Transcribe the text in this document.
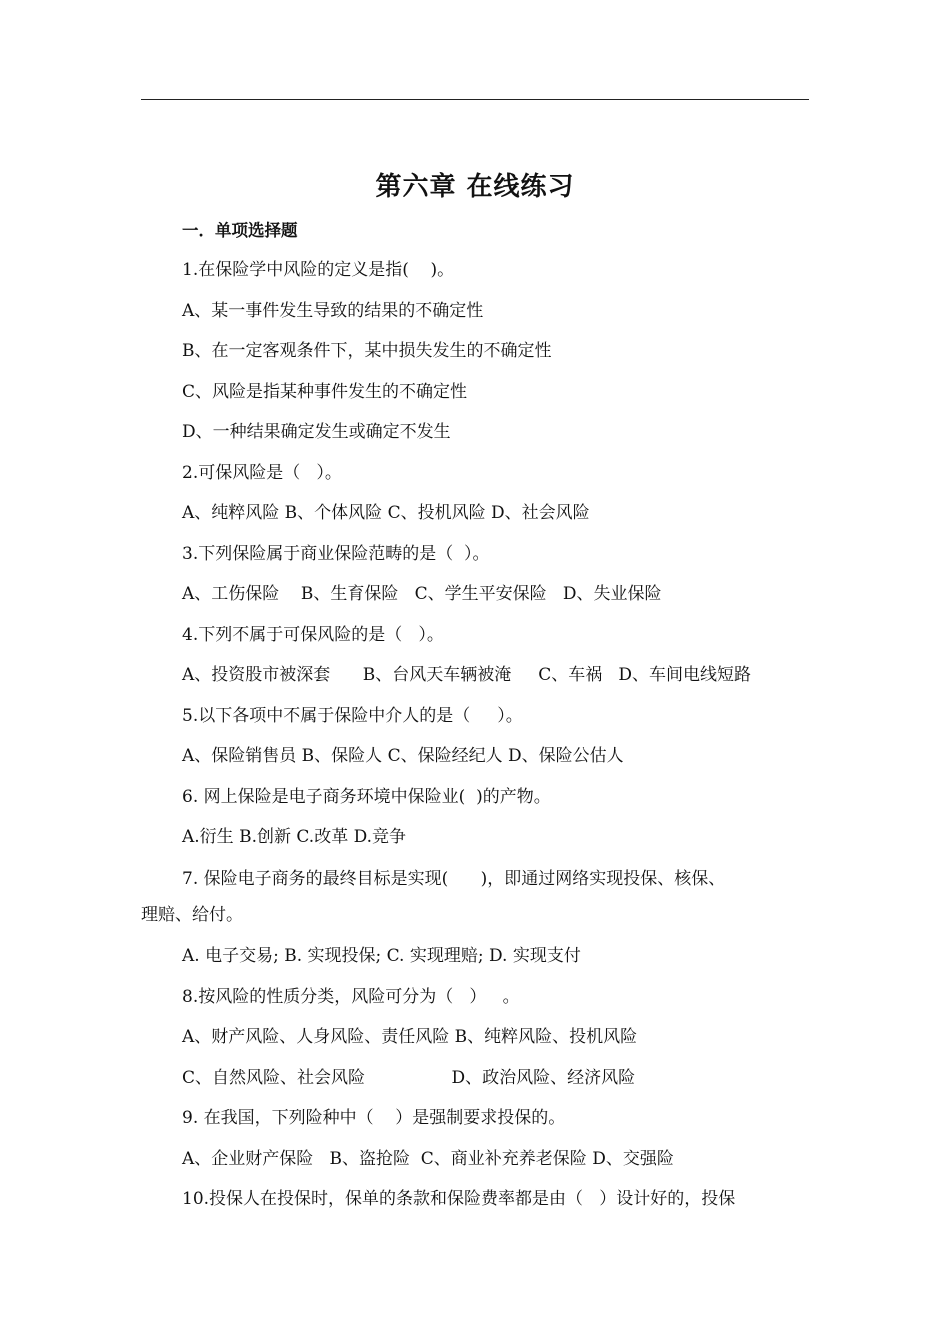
第六章 在线练习
一．单项选择题
1.在保险学中风险的定义是指(    )。
A、某一事件发生导致的结果的不确定性
B、在一定客观条件下，某中损失发生的不确定性
C、风险是指某种事件发生的不确定性
D、一种结果确定发生或确定不发生
2.可保风险是（   ）。
A、纯粹风险 B、个体风险 C、投机风险 D、社会风险
3.下列保险属于商业保险范畴的是（  ）。
A、工伤保险    B、生育保险   C、学生平安保险   D、失业保险
4.下列不属于可保风险的是（   ）。
A、投资股市被深套      B、台风天车辆被淹     C、车祸   D、车间电线短路
5.以下各项中不属于保险中介人的是（     ）。
A、保险销售员 B、保险人 C、保险经纪人 D、保险公估人
6. 网上保险是电子商务环境中保险业(  )的产物。
A.衍生 B.创新 C.改革 D.竞争
7. 保险电子商务的最终目标是实现(      )，即通过网络实现投保、核保、
理赔、给付。
A. 电子交易; B. 实现投保; C. 实现理赔; D. 实现支付
8.按风险的性质分类，风险可分为（   ）   。
A、财产风险、人身风险、责任风险 B、纯粹风险、投机风险
C、自然风险、社会风险                D、政治风险、经济风险
9. 在我国，下列险种中（    ）是强制要求投保的。
A、企业财产保险   B、盗抢险  C、商业补充养老保险 D、交强险
10.投保人在投保时，保单的条款和保险费率都是由（   ）设计好的，投保
